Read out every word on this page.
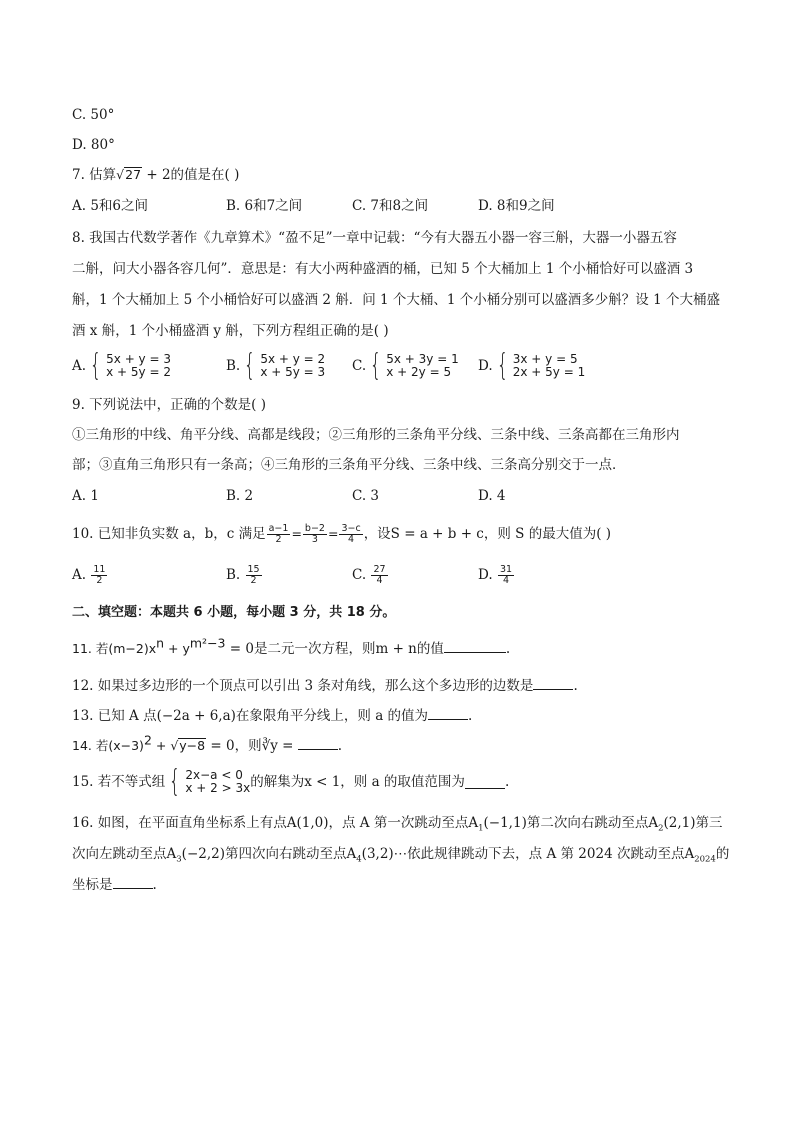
C. 50°
D. 80°
7. 估算√27 + 2的值是在( )
A. 5和6之间	B. 6和7之间	C. 7和8之间	D. 8和9之间
8. 我国古代数学著作《九章算术》“盈不足”一章中记载：“今有大器五小器一容三斛，大器一小器五容
二斛，问大小器各容几何”．意思是：有大小两种盛酒的桶，已知 5 个大桶加上 1 个小桶恰好可以盛酒 3
斛，1 个大桶加上 5 个小桶恰好可以盛酒 2 斛．问 1 个大桶、1 个小桶分别可以盛酒多少斛？设 1 个大桶盛
酒 x 斛，1 个小桶盛酒 y 斛，下列方程组正确的是( )
A. { 5x + y = 3
x + 5y = 2	B. { 5x + y = 2
x + 5y = 3 C. { 5x + 3y = 1
x + 2y = 5	D. { 3x + y = 5
2x + 5y = 1
9. 下列说法中，正确的个数是( )
①三角形的中线、角平分线、高都是线段；②三角形的三条角平分线、三条中线、三条高都在三角形内
部；③直角三角形只有一条高；④三角形的三条角平分线、三条中线、三条高分别交于一点．
A. 1	B. 2	C. 3	D. 4
10. 已知非负实数 a，b，c 满足 $\frac{a-1}{2} = \frac{b-2}{3} = \frac{3-c}{4}$ ，设S = a + b + c，则 S 的最大值为( )
A. $\frac{11}{2}$	B. $\frac{15}{2}$	C. $\frac{27}{4}$	D. $\frac{31}{4}$
二、填空题：本题共 6 小题，每小题 3 分，共 18 分。
11. 若$(m-2)x^n + y^{m^2-3} = 0$是二元一次方程，则m + n的值	.
12. 如果过多边形的一个顶点可以引出 3 条对角线，那么这个多边形的边数是	.
13. 已知 A 点(−2a + 6,a)在象限角平分线上，则 a 的值为	.
14. 若$(x-3)^2 + √y-8 = 0$，则∛y =	.
15. 若不等式组 { 2x−a < 0
x + 2 > 3x 的解集为x < 1，则 a 的取值范围为	.
16. 如图，在平面直角坐标系上有点A(1,0)，点 A 第一次跳动至点$A_1(-1,1)$第二次向右跳动至点$A_2(2,1)$第三
次向左跳动至点$A_3(-2,2)$第四次向右跳动至点$A_4(3,2)\cdots$依此规律跳动下去，点 A 第 2024 次跳动至点$A_{2024}$的
坐标是	.
